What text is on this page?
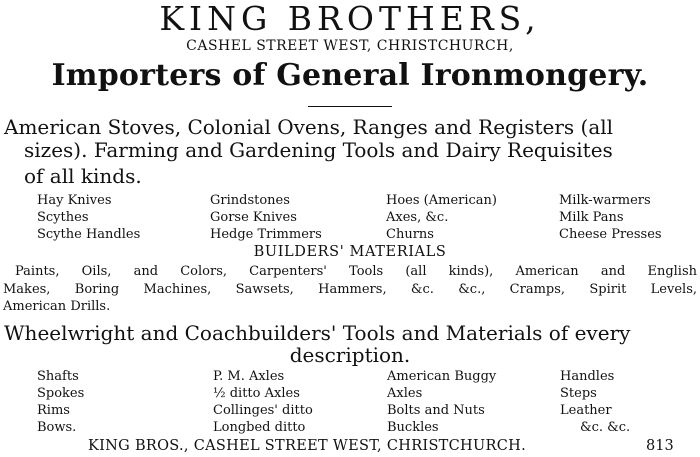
KING BROTHERS,
CASHEL STREET WEST, CHRISTCHURCH,
Importers of General Ironmongery.
American Stoves, Colonial Ovens, Ranges and Registers (all
sizes). Farming and Gardening Tools and Dairy Requisites
of all kinds.
Hay Knives
Scythes
Scythe Handles
Grindstones
Gorse Knives
Hedge Trimmers
Hoes (American)
Axes, &c.
Churns
Milk-warmers
Milk Pans
Cheese Presses
BUILDERS' MATERIALS
Paints, Oils, and Colors, Carpenters' Tools (all kinds), American and English
Makes, Boring Machines, Sawsets, Hammers, &c. &c., Cramps, Spirit Levels,
American Drills.
Wheelwright and Coachbuilders' Tools and Materials of every
description.
Shafts
Spokes
Rims
Bows.
P. M. Axles
½ ditto Axles
Collinges' ditto
Longbed ditto
American Buggy
Axles
Bolts and Nuts
Buckles
Handles
Steps
Leather
&c. &c.
KING BROS., CASHEL STREET WEST, CHRISTCHURCH.	813
